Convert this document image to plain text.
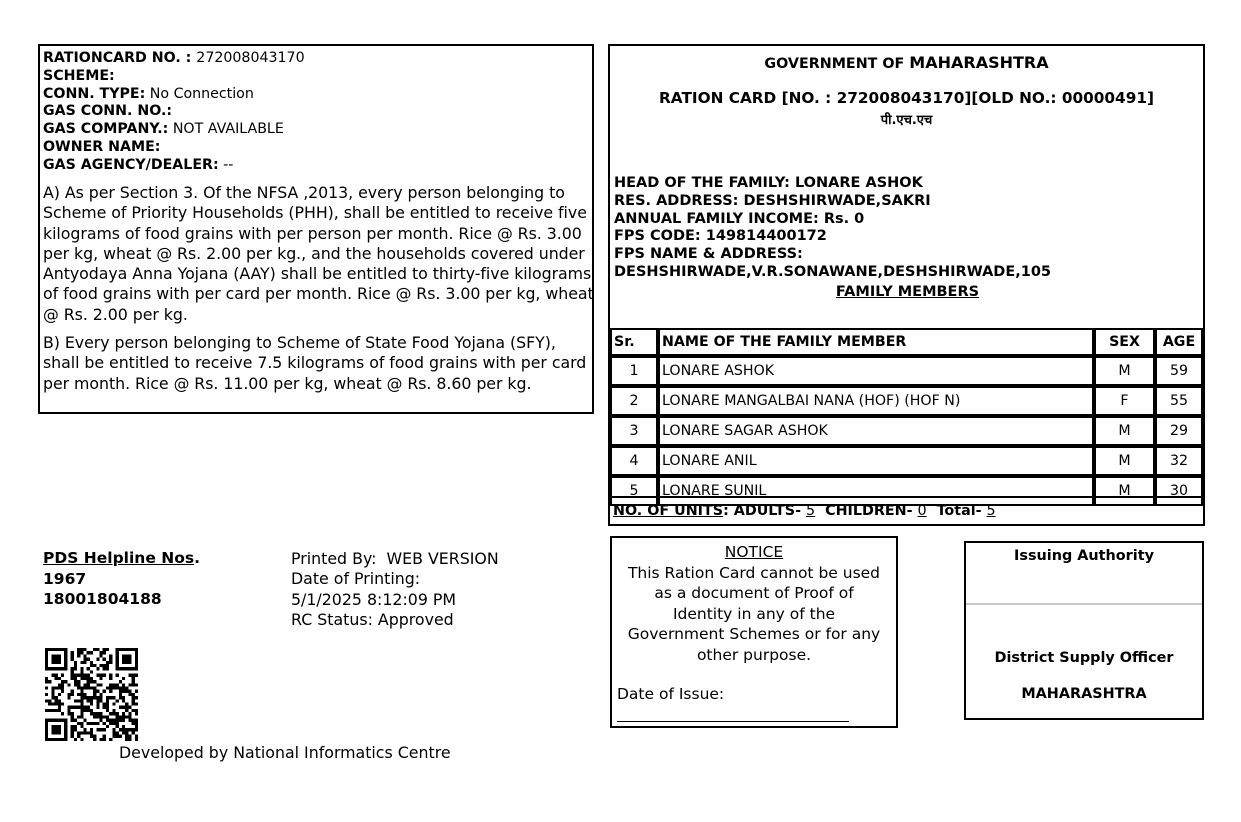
RATIONCARD NO. : 272008043170
SCHEME:
CONN. TYPE: No Connection
GAS CONN. NO.:
GAS COMPANY.: NOT AVAILABLE
OWNER NAME:
GAS AGENCY/DEALER: --
A) As per Section 3. Of the NFSA ,2013, every person belonging to Scheme of Priority Households (PHH), shall be entitled to receive five kilograms of food grains with per person per month. Rice @ Rs. 3.00 per kg, wheat @ Rs. 2.00 per kg., and the households covered under Antyodaya Anna Yojana (AAY) shall be entitled to thirty-five kilograms of food grains with per card per month. Rice @ Rs. 3.00 per kg, wheat @ Rs. 2.00 per kg.
B) Every person belonging to Scheme of State Food Yojana (SFY), shall be entitled to receive 7.5 kilograms of food grains with per card per month. Rice @ Rs. 11.00 per kg, wheat @ Rs. 8.60 per kg.
GOVERNMENT OF MAHARASHTRA
RATION CARD [NO. : 272008043170][OLD NO.: 00000491]
पी.एच.एच
HEAD OF THE FAMILY: LONARE ASHOK
RES. ADDRESS: DESHSHIRWADE,SAKRI
ANNUAL FAMILY INCOME: Rs. 0
FPS CODE: 149814400172
FPS NAME & ADDRESS:
DESHSHIRWADE,V.R.SONAWANE,DESHSHIRWADE,105
FAMILY MEMBERS
Sr.	NAME OF THE FAMILY MEMBER	SEX	AGE
1	LONARE ASHOK	M	59
2	LONARE MANGALBAI NANA (HOF) (HOF N)	F	55
3	LONARE SAGAR ASHOK	M	29
4	LONARE ANIL	M	32
5	LONARE SUNIL	M	30
NO. OF UNITS: ADULTS- 5  CHILDREN- 0  Total- 5
PDS Helpline Nos.
1967
18001804188
Printed By:  WEB VERSION
Date of Printing:
5/1/2025 8:12:09 PM
RC Status: Approved
Developed by National Informatics Centre
NOTICE
This Ration Card cannot be used
as a document of Proof of
Identity in any of the
Government Schemes or for any
other purpose.
Date of Issue:
Issuing Authority
District Supply Officer
MAHARASHTRA
